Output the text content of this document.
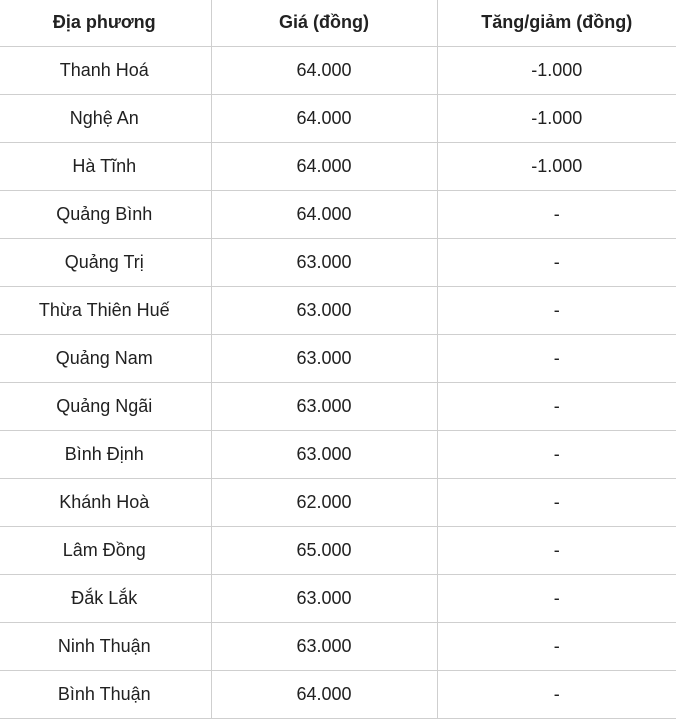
Địa phương	Giá (đồng)	Tăng/giảm (đồng)
Thanh Hoá	64.000	-1.000
Nghệ An	64.000	-1.000
Hà Tĩnh	64.000	-1.000
Quảng Bình	64.000	-
Quảng Trị	63.000	-
Thừa Thiên Huế	63.000	-
Quảng Nam	63.000	-
Quảng Ngãi	63.000	-
Bình Định	63.000	-
Khánh Hoà	62.000	-
Lâm Đồng	65.000	-
Đắk Lắk	63.000	-
Ninh Thuận	63.000	-
Bình Thuận	64.000	-
